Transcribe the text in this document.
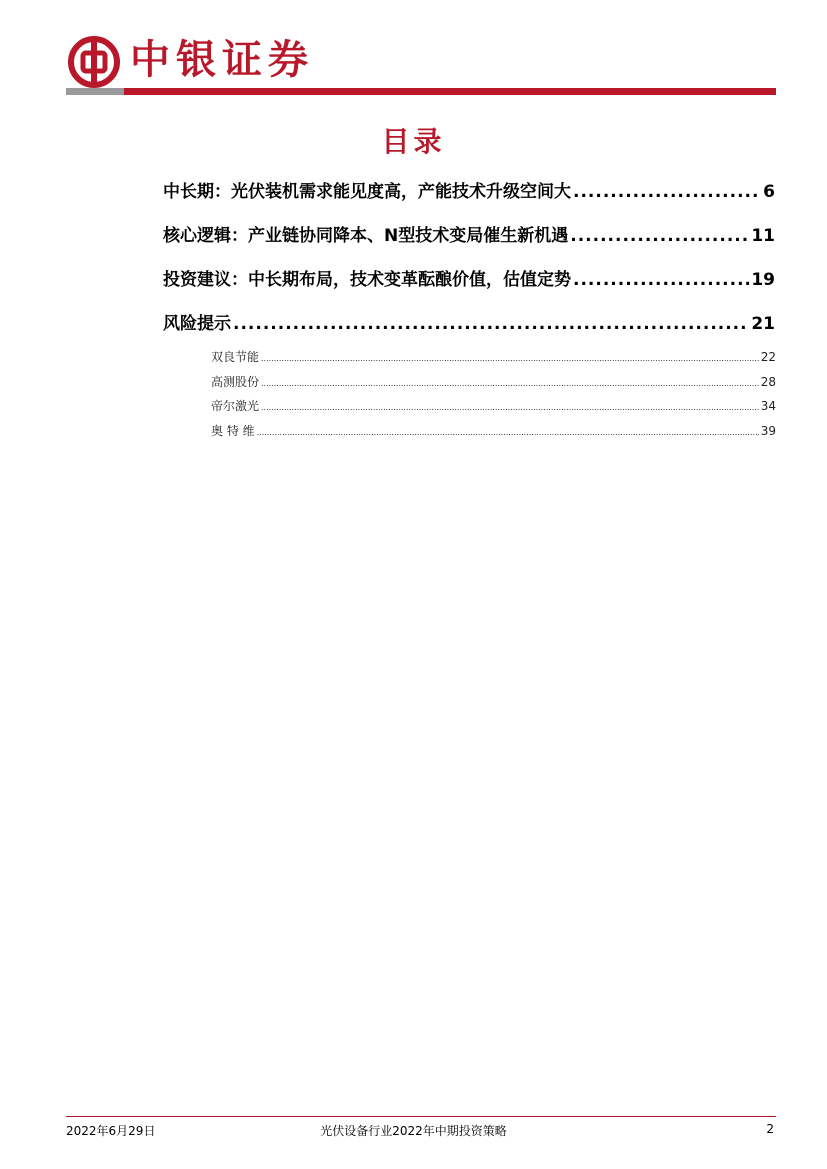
中银证券
目录
中长期：光伏装机需求能见度高，产能技术升级空间大 .....	6
核心逻辑：产业链协同降本、N型技术变局催生新机遇 .....	11
投资建议：中长期布局，技术变革酝酿价值，估值定势 .....	19
风险提示 .....	21
双良节能 .....	22
高测股份 .....	28
帝尔激光 .....	34
奥 特 维 .....	39
2022年6月29日	光伏设备行业2022年中期投资策略	2
